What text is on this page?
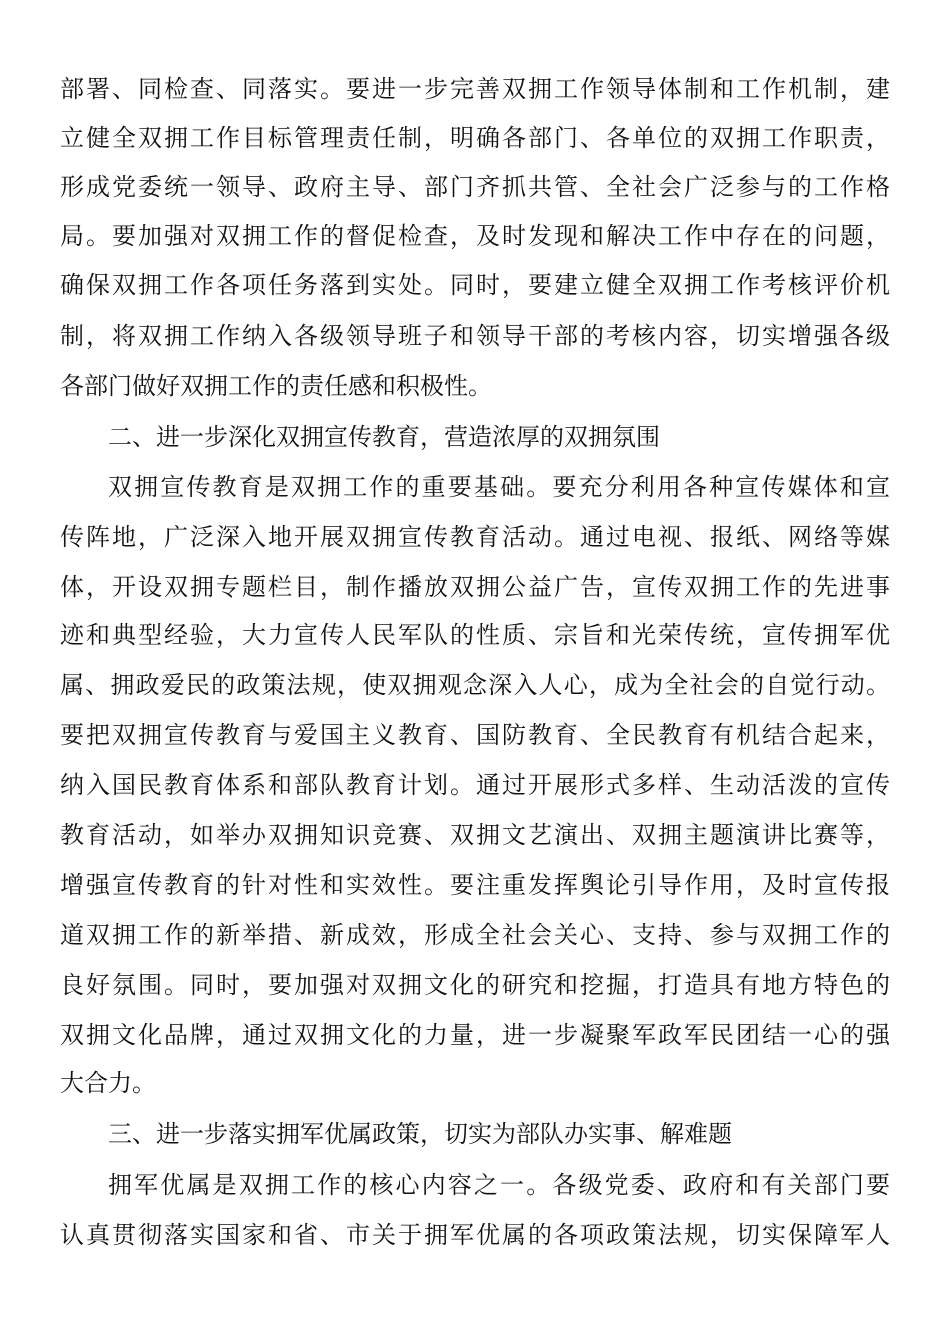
部署、同检查、同落实。要进一步完善双拥工作领导体制和工作机制，建
立健全双拥工作目标管理责任制，明确各部门、各单位的双拥工作职责，
形成党委统一领导、政府主导、部门齐抓共管、全社会广泛参与的工作格
局。要加强对双拥工作的督促检查，及时发现和解决工作中存在的问题，
确保双拥工作各项任务落到实处。同时，要建立健全双拥工作考核评价机
制，将双拥工作纳入各级领导班子和领导干部的考核内容，切实增强各级
各部门做好双拥工作的责任感和积极性。
二、进一步深化双拥宣传教育，营造浓厚的双拥氛围
双拥宣传教育是双拥工作的重要基础。要充分利用各种宣传媒体和宣
传阵地，广泛深入地开展双拥宣传教育活动。通过电视、报纸、网络等媒
体，开设双拥专题栏目，制作播放双拥公益广告，宣传双拥工作的先进事
迹和典型经验，大力宣传人民军队的性质、宗旨和光荣传统，宣传拥军优
属、拥政爱民的政策法规，使双拥观念深入人心，成为全社会的自觉行动。
要把双拥宣传教育与爱国主义教育、国防教育、全民教育有机结合起来，
纳入国民教育体系和部队教育计划。通过开展形式多样、生动活泼的宣传
教育活动，如举办双拥知识竞赛、双拥文艺演出、双拥主题演讲比赛等，
增强宣传教育的针对性和实效性。要注重发挥舆论引导作用，及时宣传报
道双拥工作的新举措、新成效，形成全社会关心、支持、参与双拥工作的
良好氛围。同时，要加强对双拥文化的研究和挖掘，打造具有地方特色的
双拥文化品牌，通过双拥文化的力量，进一步凝聚军政军民团结一心的强
大合力。
三、进一步落实拥军优属政策，切实为部队办实事、解难题
拥军优属是双拥工作的核心内容之一。各级党委、政府和有关部门要
认真贯彻落实国家和省、市关于拥军优属的各项政策法规，切实保障军人
